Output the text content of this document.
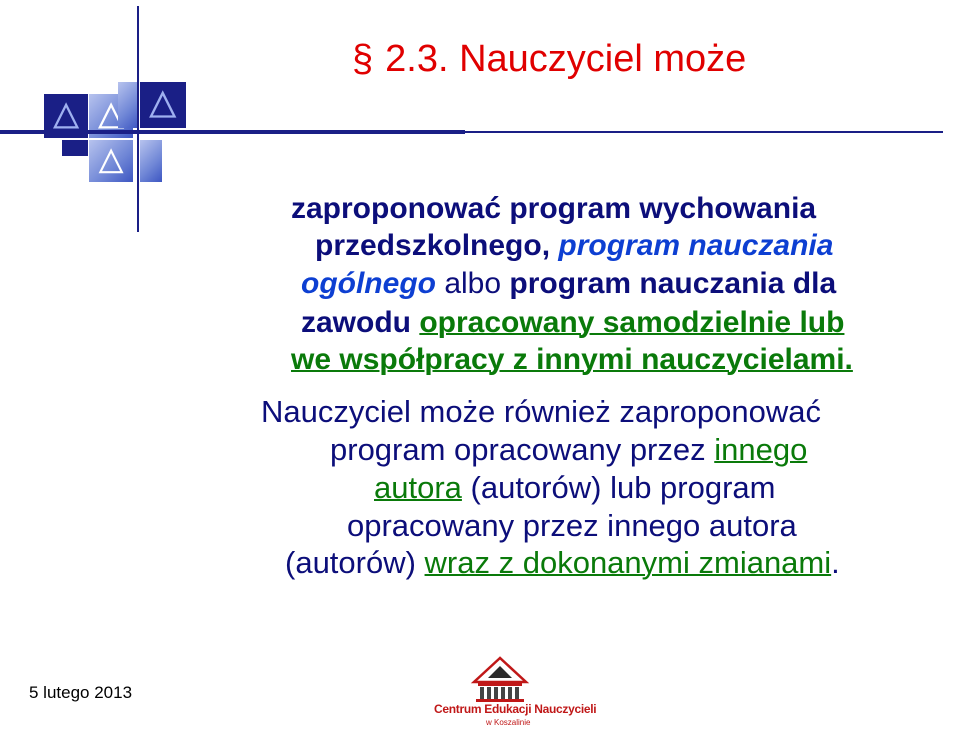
§ 2.3. Nauczyciel może
zaproponować program wychowania
przedszkolnego, program nauczania
ogólnego albo program nauczania dla
zawodu opracowany samodzielnie lub
we współpracy z innymi nauczycielami.
Nauczyciel może również zaproponować
program opracowany przez innego
autora (autorów) lub program
opracowany przez innego autora
(autorów) wraz z dokonanymi zmianami.
5 lutego 2013
Centrum Edukacji Nauczycieli
w Koszalinie
